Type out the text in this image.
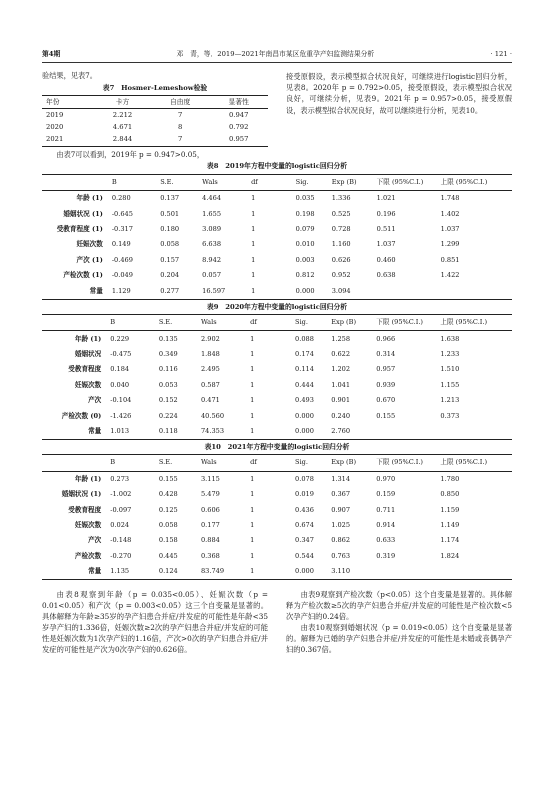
第4期	邓　青，等．2019—2021年南昌市某区危重孕产妇监测结果分析	· 121 ·

验结果，见表7。

表7　Hosmer-Lemeshow检验
年份	卡方	自由度	显著性
2019	2.212	7	0.947
2020	4.671	8	0.792
2021	2.844	7	0.957

由表7可以看到，2019年 p = 0.947>0.05，

接受原假设，表示模型拟合状况良好，可继续进行logistic回归分析，见表8。2020年 p = 0.792>0.05，接受原假设，表示模型拟合状况良好，可继续分析，见表9。2021年 p = 0.957>0.05，接受原假设，表示模型拟合状况良好，故可以继续进行分析，见表10。

表8　2019年方程中变量的logistic回归分析
	B	S.E.	Wals	df	Sig.	Exp (B)	下限 (95%C.I.)	上限 (95%C.I.)
年龄 (1)	0.280	0.137	4.464	1	0.035	1.336	1.021	1.748
婚姻状况 (1)	-0.645	0.501	1.655	1	0.198	0.525	0.196	1.402
受教育程度 (1)	-0.317	0.180	3.089	1	0.079	0.728	0.511	1.037
妊娠次数	0.149	0.058	6.638	1	0.010	1.160	1.037	1.299
产次 (1)	-0.469	0.157	8.942	1	0.003	0.626	0.460	0.851
产检次数 (1)	-0.049	0.204	0.057	1	0.812	0.952	0.638	1.422
常量	1.129	0.277	16.597	1	0.000	3.094		
表9　2020年方程中变量的logistic回归分析
	B	S.E.	Wals	df	Sig.	Exp (B)	下限 (95%C.I.)	上限 (95%C.I.)
年龄 (1)	0.229	0.135	2.902	1	0.088	1.258	0.966	1.638
婚姻状况	-0.475	0.349	1.848	1	0.174	0.622	0.314	1.233
受教育程度	0.184	0.116	2.495	1	0.114	1.202	0.957	1.510
妊娠次数	0.040	0.053	0.587	1	0.444	1.041	0.939	1.155
产次	-0.104	0.152	0.471	1	0.493	0.901	0.670	1.213
产检次数 (0)	-1.426	0.224	40.560	1	0.000	0.240	0.155	0.373
常量	1.013	0.118	74.353	1	0.000	2.760		
表10　2021年方程中变量的logistic回归分析
	B	S.E.	Wals	df	Sig.	Exp (B)	下限 (95%C.I.)	上限 (95%C.I.)
年龄 (1)	0.273	0.155	3.115	1	0.078	1.314	0.970	1.780
婚姻状况 (1)	-1.002	0.428	5.479	1	0.019	0.367	0.159	0.850
受教育程度	-0.097	0.125	0.606	1	0.436	0.907	0.711	1.159
妊娠次数	0.024	0.058	0.177	1	0.674	1.025	0.914	1.149
产次	-0.148	0.158	0.884	1	0.347	0.862	0.633	1.174
产检次数	-0.270	0.445	0.368	1	0.544	0.763	0.319	1.824
常量	1.135	0.124	83.749	1	0.000	3.110		

由表8观察到年龄（p = 0.035<0.05）、妊娠次数（p = 0.01<0.05）和产次（p = 0.003<0.05）这三个自变量是显著的。具体解释为年龄≥35岁的孕产妇患合并症/并发症的可能性是年龄<35岁孕产妇的1.336倍，妊娠次数≥2次的孕产妇患合并症/并发症的可能性是妊娠次数为1次孕产妇的1.16倍，产次>0次的孕产妇患合并症/并发症的可能性是产次为0次孕产妇的0.626倍。

由表9观察到产检次数（p<0.05）这个自变量是显著的。具体解释为产检次数≥5次的孕产妇患合并症/并发症的可能性是产检次数<5次孕产妇的0.24倍。

由表10观察到婚姻状况（p = 0.019<0.05）这个自变量是显著的。解释为已婚的孕产妇患合并症/并发症的可能性是未婚或丧偶孕产妇的0.367倍。
